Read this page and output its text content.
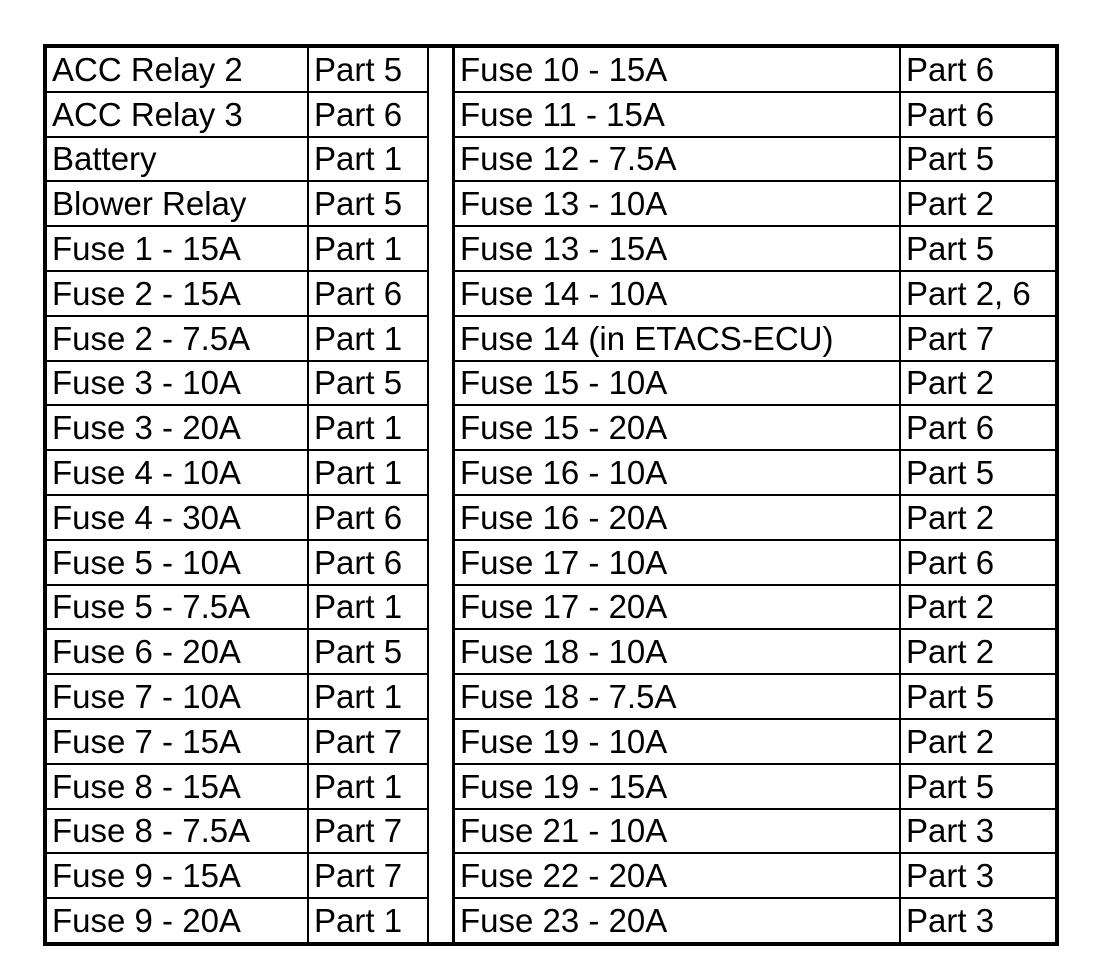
ACC Relay 2
ACC Relay 3
Battery
Blower Relay
Fuse 1 - 15A
Fuse 2 - 15A
Fuse 2 - 7.5A
Fuse 3 - 10A
Fuse 3 - 20A
Fuse 4 - 10A
Fuse 4 - 30A
Fuse 5 - 10A
Fuse 5 - 7.5A
Fuse 6 - 20A
Fuse 7 - 10A
Fuse 7 - 15A
Fuse 8 - 15A
Fuse 8 - 7.5A
Fuse 9 - 15A
Fuse 9 - 20A
Part 5
Part 6
Part 1
Part 5
Part 1
Part 6
Part 1
Part 5
Part 1
Part 1
Part 6
Part 6
Part 1
Part 5
Part 1
Part 7
Part 1
Part 7
Part 7
Part 1
Fuse 10 - 15A
Fuse 11 - 15A
Fuse 12 - 7.5A
Fuse 13 - 10A
Fuse 13 - 15A
Fuse 14 - 10A
Fuse 14 (in ETACS-ECU)
Fuse 15 - 10A
Fuse 15 - 20A
Fuse 16 - 10A
Fuse 16 - 20A
Fuse 17 - 10A
Fuse 17 - 20A
Fuse 18 - 10A
Fuse 18 - 7.5A
Fuse 19 - 10A
Fuse 19 - 15A
Fuse 21 - 10A
Fuse 22 - 20A
Fuse 23 - 20A
Part 6
Part 6
Part 5
Part 2
Part 5
Part 2, 6
Part 7
Part 2
Part 6
Part 5
Part 2
Part 6
Part 2
Part 2
Part 5
Part 2
Part 5
Part 3
Part 3
Part 3
